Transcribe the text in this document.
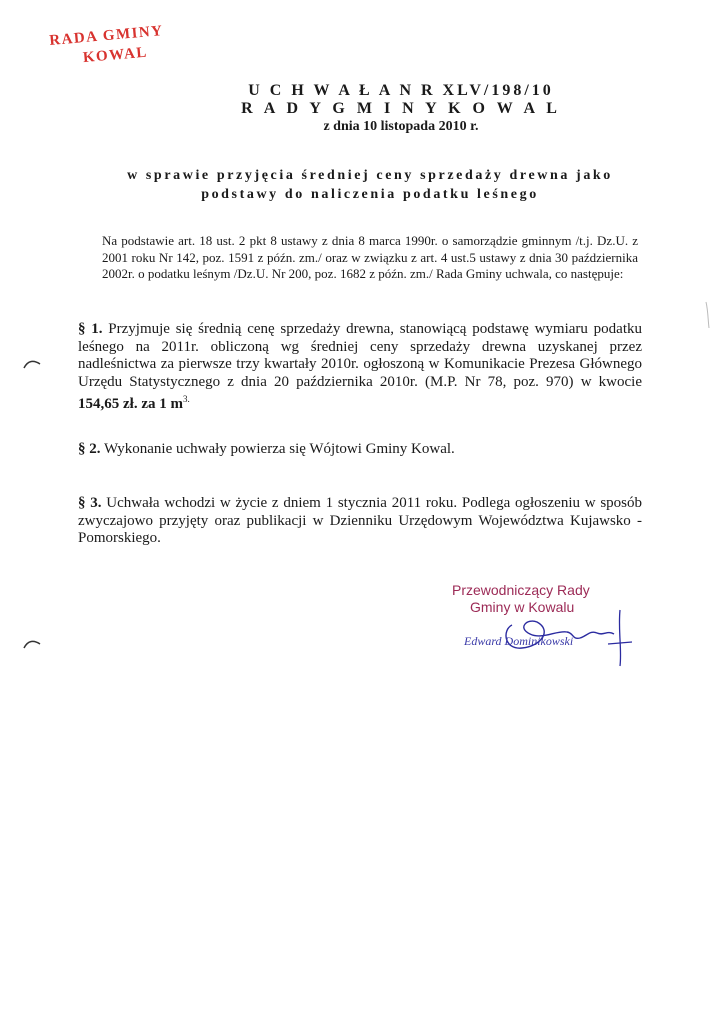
RADA GMINY
KOWAL
U C H W A Ł A N R XLV/198/10
R A D Y G M I N Y K O W A L
z dnia 10 listopada 2010 r.
w sprawie przyjęcia średniej ceny sprzedaży drewna jako
podstawy do naliczenia podatku leśnego
Na podstawie art. 18 ust. 2 pkt 8 ustawy z dnia 8 marca 1990r. o samorządzie gminnym /t.j. Dz.U. z 2001 roku Nr 142, poz. 1591 z późn. zm./ oraz w związku z art. 4 ust.5 ustawy z dnia 30 października 2002r. o podatku leśnym /Dz.U. Nr 200, poz. 1682 z późn. zm./ Rada Gminy uchwala, co następuje:
§ 1. Przyjmuje się średnią cenę sprzedaży drewna, stanowiącą podstawę wymiaru podatku leśnego na 2011r. obliczoną wg średniej ceny sprzedaży drewna uzyskanej przez nadleśnictwa za pierwsze trzy kwartały 2010r. ogłoszoną w Komunikacie Prezesa Głównego Urzędu Statystycznego z dnia 20 października 2010r. (M.P. Nr 78, poz. 970) w kwocie 154,65 zł. za 1 $m^{3.}$
§ 2. Wykonanie uchwały powierza się Wójtowi Gminy Kowal.
§ 3. Uchwała wchodzi w życie z dniem 1 stycznia 2011 roku. Podlega ogłoszeniu w sposób zwyczajowo przyjęty oraz publikacji w Dzienniku Urzędowym Województwa Kujawsko - Pomorskiego.
Przewodniczący Rady
Gminy w Kowalu
Edward Dominikowski
